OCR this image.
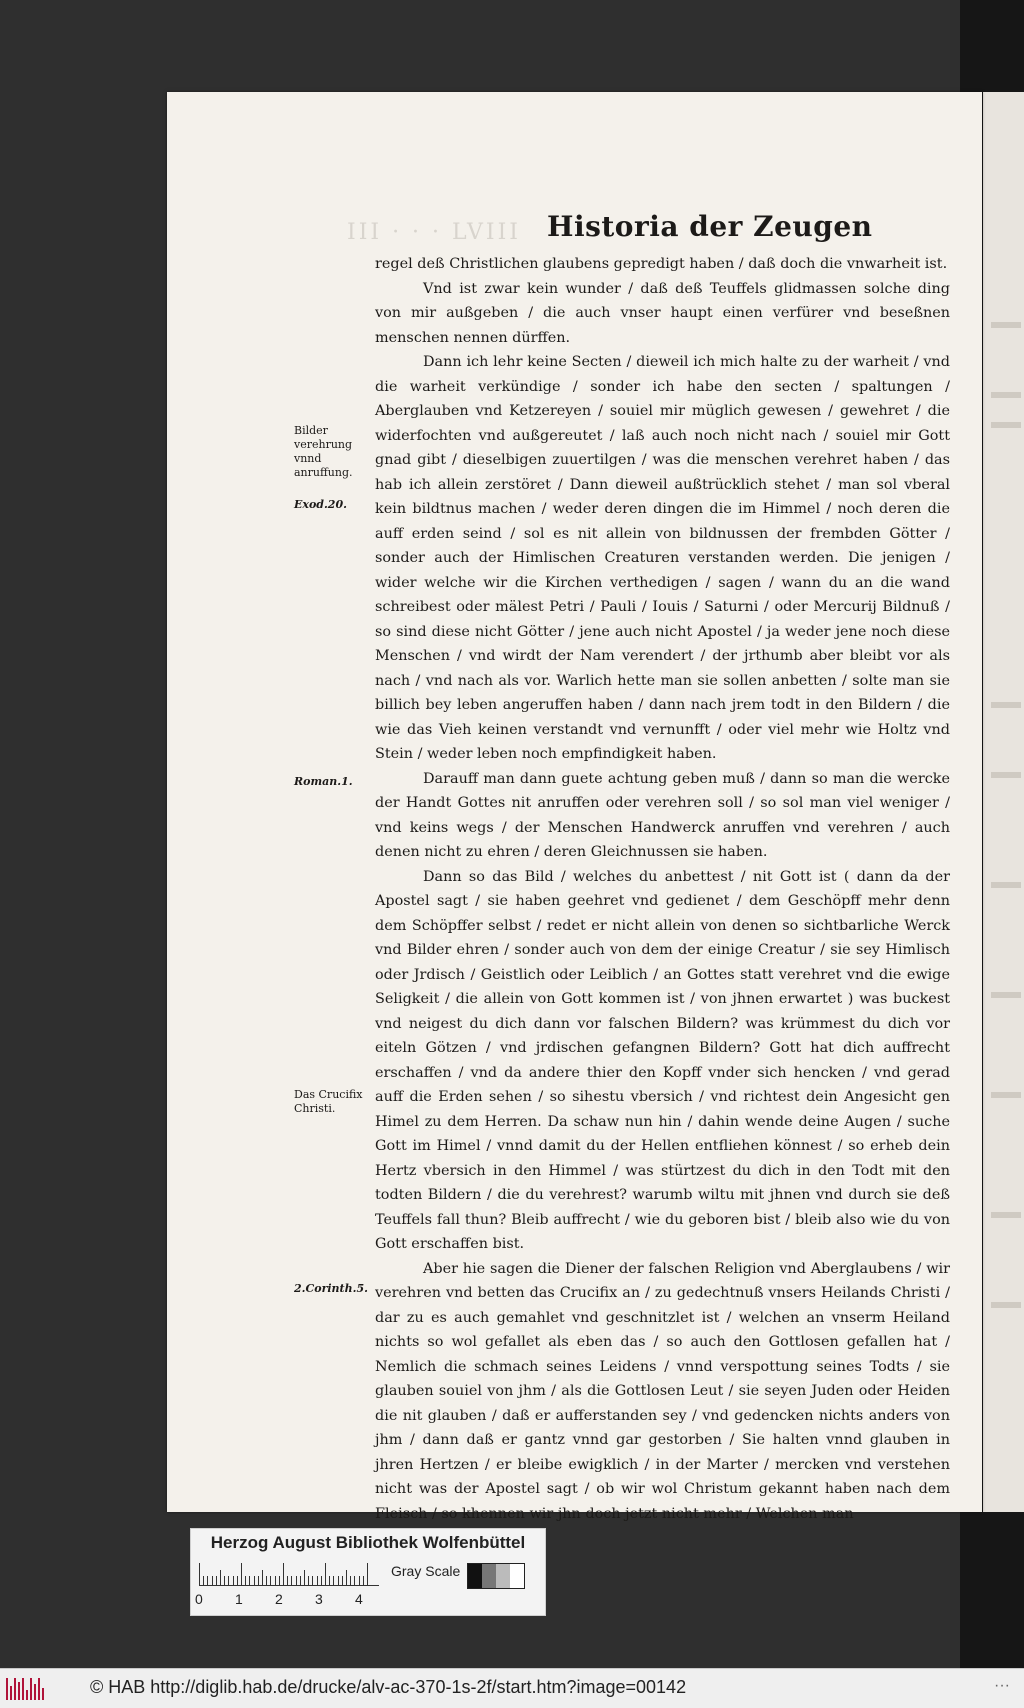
III · · · LVIII Historia der Zeugen
Bilder verehrung vnnd anruffung.
Exod.20.
Roman.1.
Das Crucifix Christi.
2.Corinth.5.

regel deß Christlichen glaubens gepredigt haben / daß doch die vnwarheit ist.

Vnd ist zwar kein wunder / daß deß Teuffels glidmassen solche ding von mir außgeben / die auch vnser haupt einen verfürer vnd beseßnen menschen nennen dürffen.

Dann ich lehr keine Secten / dieweil ich mich halte zu der warheit / vnd die warheit verkündige / sonder ich habe den secten / spaltungen / Aberglauben vnd Ketzereyen / souiel mir müglich gewesen / gewehret / die widerfochten vnd außgereutet / laß auch noch nicht nach / souiel mir Gott gnad gibt / dieselbigen zuuertilgen / was die menschen verehret haben / das hab ich allein zerstöret / Dann dieweil außtrücklich stehet / man sol vberal kein bildtnus machen / weder deren dingen die im Himmel / noch deren die auff erden seind / sol es nit allein von bildnussen der frembden Götter / sonder auch der Himlischen Creaturen verstanden werden. Die jenigen / wider welche wir die Kirchen verthedigen / sagen / wann du an die wand schreibest oder mälest Petri / Pauli / Iouis / Saturni / oder Mercurij Bildnuß / so sind diese nicht Götter / jene auch nicht Apostel / ja weder jene noch diese Menschen / vnd wirdt der Nam verendert / der jrthumb aber bleibt vor als nach / vnd nach als vor. Warlich hette man sie sollen anbetten / solte man sie billich bey leben angeruffen haben / dann nach jrem todt in den Bildern / die wie das Vieh keinen verstandt vnd vernunfft / oder viel mehr wie Holtz vnd Stein / weder leben noch empfindigkeit haben.

Darauff man dann guete achtung geben muß / dann so man die wercke der Handt Gottes nit anruffen oder verehren soll / so sol man viel weniger / vnd keins wegs / der Menschen Handwerck anruffen vnd verehren / auch denen nicht zu ehren / deren Gleichnussen sie haben.

Dann so das Bild / welches du anbettest / nit Gott ist ( dann da der Apostel sagt / sie haben geehret vnd gedienet / dem Geschöpff mehr denn dem Schöpffer selbst / redet er nicht allein von denen so sichtbarliche Werck vnd Bilder ehren / sonder auch von dem der einige Creatur / sie sey Himlisch oder Jrdisch / Geistlich oder Leiblich / an Gottes statt verehret vnd die ewige Seligkeit / die allein von Gott kommen ist / von jhnen erwartet ) was buckest vnd neigest du dich dann vor falschen Bildern? was krümmest du dich vor eiteln Götzen / vnd jrdischen gefangnen Bildern? Gott hat dich auffrecht erschaffen / vnd da andere thier den Kopff vnder sich hencken / vnd gerad auff die Erden sehen / so sihestu vbersich / vnd richtest dein Angesicht gen Himel zu dem Herren. Da schaw nun hin / dahin wende deine Augen / suche Gott im Himel / vnnd damit du der Hellen entfliehen könnest / so erheb dein Hertz vbersich in den Himmel / was stürtzest du dich in den Todt mit den todten Bildern / die du verehrest? warumb wiltu mit jhnen vnd durch sie deß Teuffels fall thun? Bleib auffrecht / wie du geboren bist / bleib also wie du von Gott erschaffen bist.

Aber hie sagen die Diener der falschen Religion vnd Aberglaubens / wir verehren vnd betten das Crucifix an / zu gedechtnuß vnsers Heilands Christi / dar zu es auch gemahlet vnd geschnitzlet ist / welchen an vnserm Heiland nichts so wol gefallet als eben das / so auch den Gottlosen gefallen hat / Nemlich die schmach seines Leidens / vnnd verspottung seines Todts / sie glauben souiel von jhm / als die Gottlosen Leut / sie seyen Juden oder Heiden die nit glauben / daß er aufferstanden sey / vnd gedencken nichts anders von jhm / dann daß er gantz vnnd gar gestorben / Sie halten vnnd glauben in jhren Hertzen / er bleibe ewigklich / in der Marter / mercken vnd verstehen nicht was der Apostel sagt / ob wir wol Christum gekannt haben nach dem Fleisch / so khennen wir jhn doch jetzt nicht mehr / Welchen man

Herzog August Bibliothek Wolfenbüttel
0 1 2 3 4
Gray Scale
© HAB http://diglib.hab.de/drucke/alv-ac-370-1s-2f/start.htm?image=00142	···
